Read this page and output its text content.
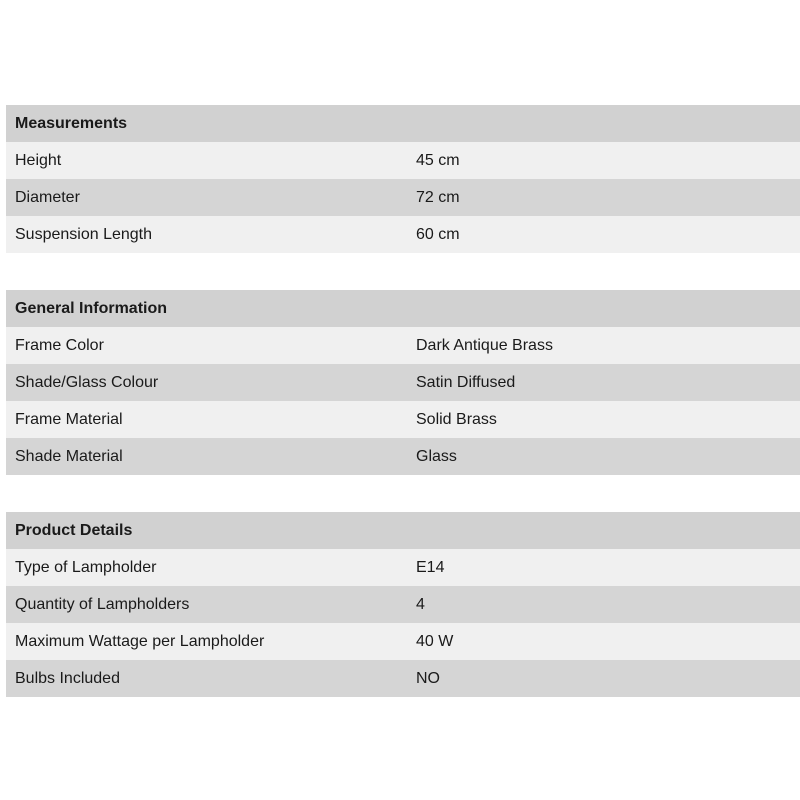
Measurements	
Height	45 cm
Diameter	72 cm
Suspension Length	60 cm
General Information	
Frame Color	Dark Antique Brass
Shade/Glass Colour	Satin Diffused
Frame Material	Solid Brass
Shade Material	Glass
Product Details	
Type of Lampholder	E14
Quantity of Lampholders	4
Maximum Wattage per Lampholder	40 W
Bulbs Included	NO
